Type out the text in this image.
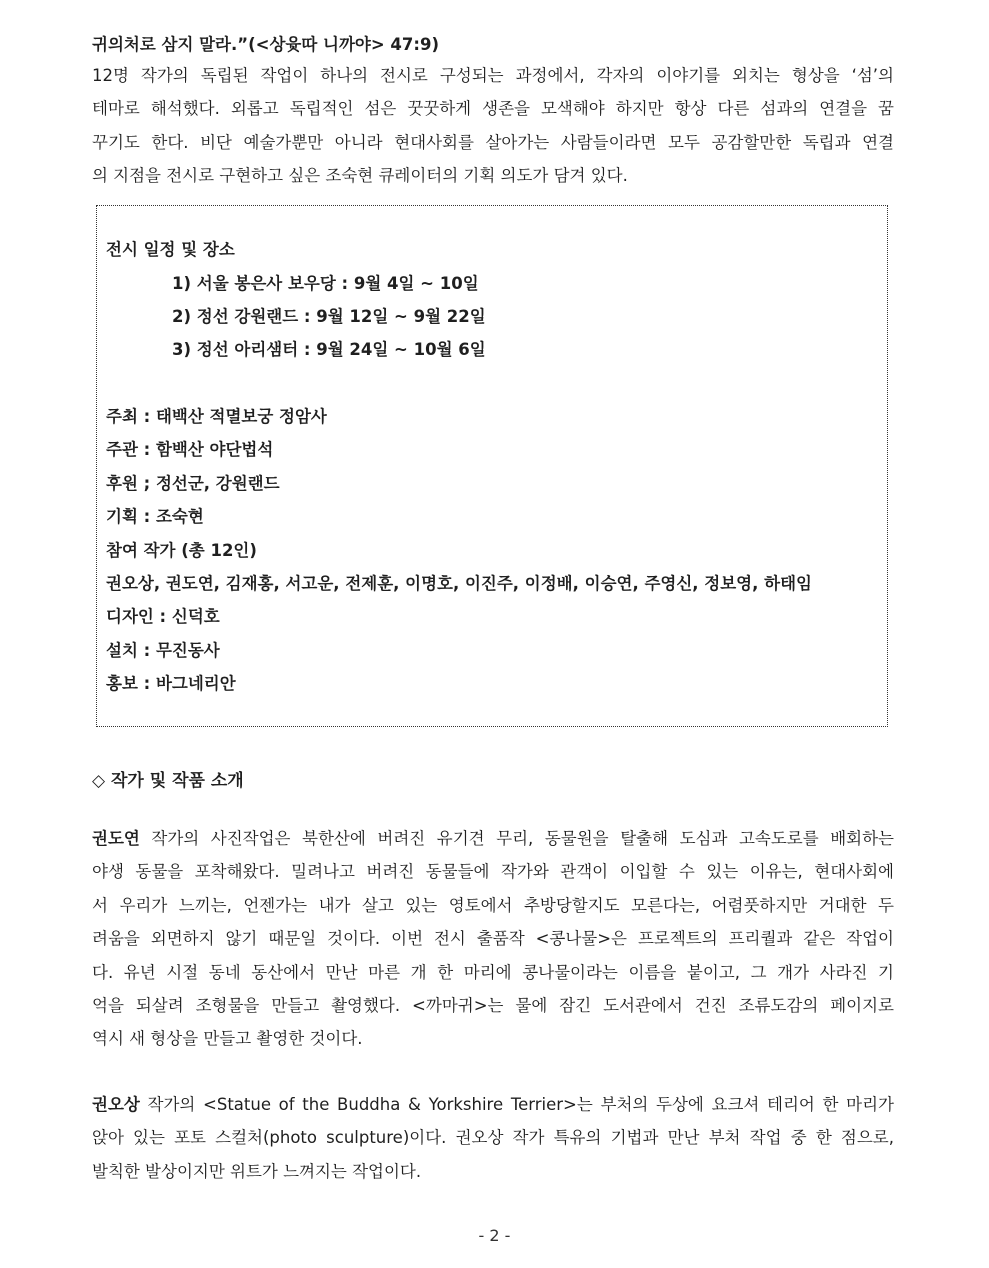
귀의처로 삼지 말라.”(<상윳따 니까야> 47:9)
12명 작가의 독립된 작업이 하나의 전시로 구성되는 과정에서, 각자의 이야기를 외치는 형상을 ‘섬’의
테마로 해석했다. 외롭고 독립적인 섬은 꿋꿋하게 생존을 모색해야 하지만 항상 다른 섬과의 연결을 꿈
꾸기도 한다. 비단 예술가뿐만 아니라 현대사회를 살아가는 사람들이라면 모두 공감할만한 독립과 연결
의 지점을 전시로 구현하고 싶은 조숙현 큐레이터의 기획 의도가 담겨 있다.
전시 일정 및 장소
1) 서울 봉은사 보우당 : 9월 4일 ~ 10일
2) 정선 강원랜드 : 9월 12일 ~ 9월 22일
3) 정선 아리샘터 : 9월 24일 ~ 10월 6일
주최 : 태백산 적멸보궁 정암사
주관 : 함백산 야단법석
후원 ; 정선군, 강원랜드
기획 : 조숙현
참여 작가 (총 12인)
권오상, 권도연, 김재홍, 서고운, 전제훈, 이명호, 이진주, 이정배, 이승연, 주영신, 정보영, 하태임
디자인 : 신덕호
설치 : 무진동사
홍보 : 바그네리안
◇ 작가 및 작품 소개
권도연 작가의 사진작업은 북한산에 버려진 유기견 무리, 동물원을 탈출해 도심과 고속도로를 배회하는
야생 동물을 포착해왔다. 밀려나고 버려진 동물들에 작가와 관객이 이입할 수 있는 이유는, 현대사회에
서 우리가 느끼는, 언젠가는 내가 살고 있는 영토에서 추방당할지도 모른다는, 어렴풋하지만 거대한 두
려움을 외면하지 않기 때문일 것이다. 이번 전시 출품작 <콩나물>은 프로젝트의 프리퀄과 같은 작업이
다. 유년 시절 동네 동산에서 만난 마른 개 한 마리에 콩나물이라는 이름을 붙이고, 그 개가 사라진 기
억을 되살려 조형물을 만들고 촬영했다. <까마귀>는 물에 잠긴 도서관에서 건진 조류도감의 페이지로
역시 새 형상을 만들고 촬영한 것이다.
권오상 작가의 <Statue of the Buddha & Yorkshire Terrier>는 부처의 두상에 요크셔 테리어 한 마리가
앉아 있는 포토 스컬처(photo sculpture)이다. 권오상 작가 특유의 기법과 만난 부처 작업 중 한 점으로,
발칙한 발상이지만 위트가 느껴지는 작업이다.
- 2 -
